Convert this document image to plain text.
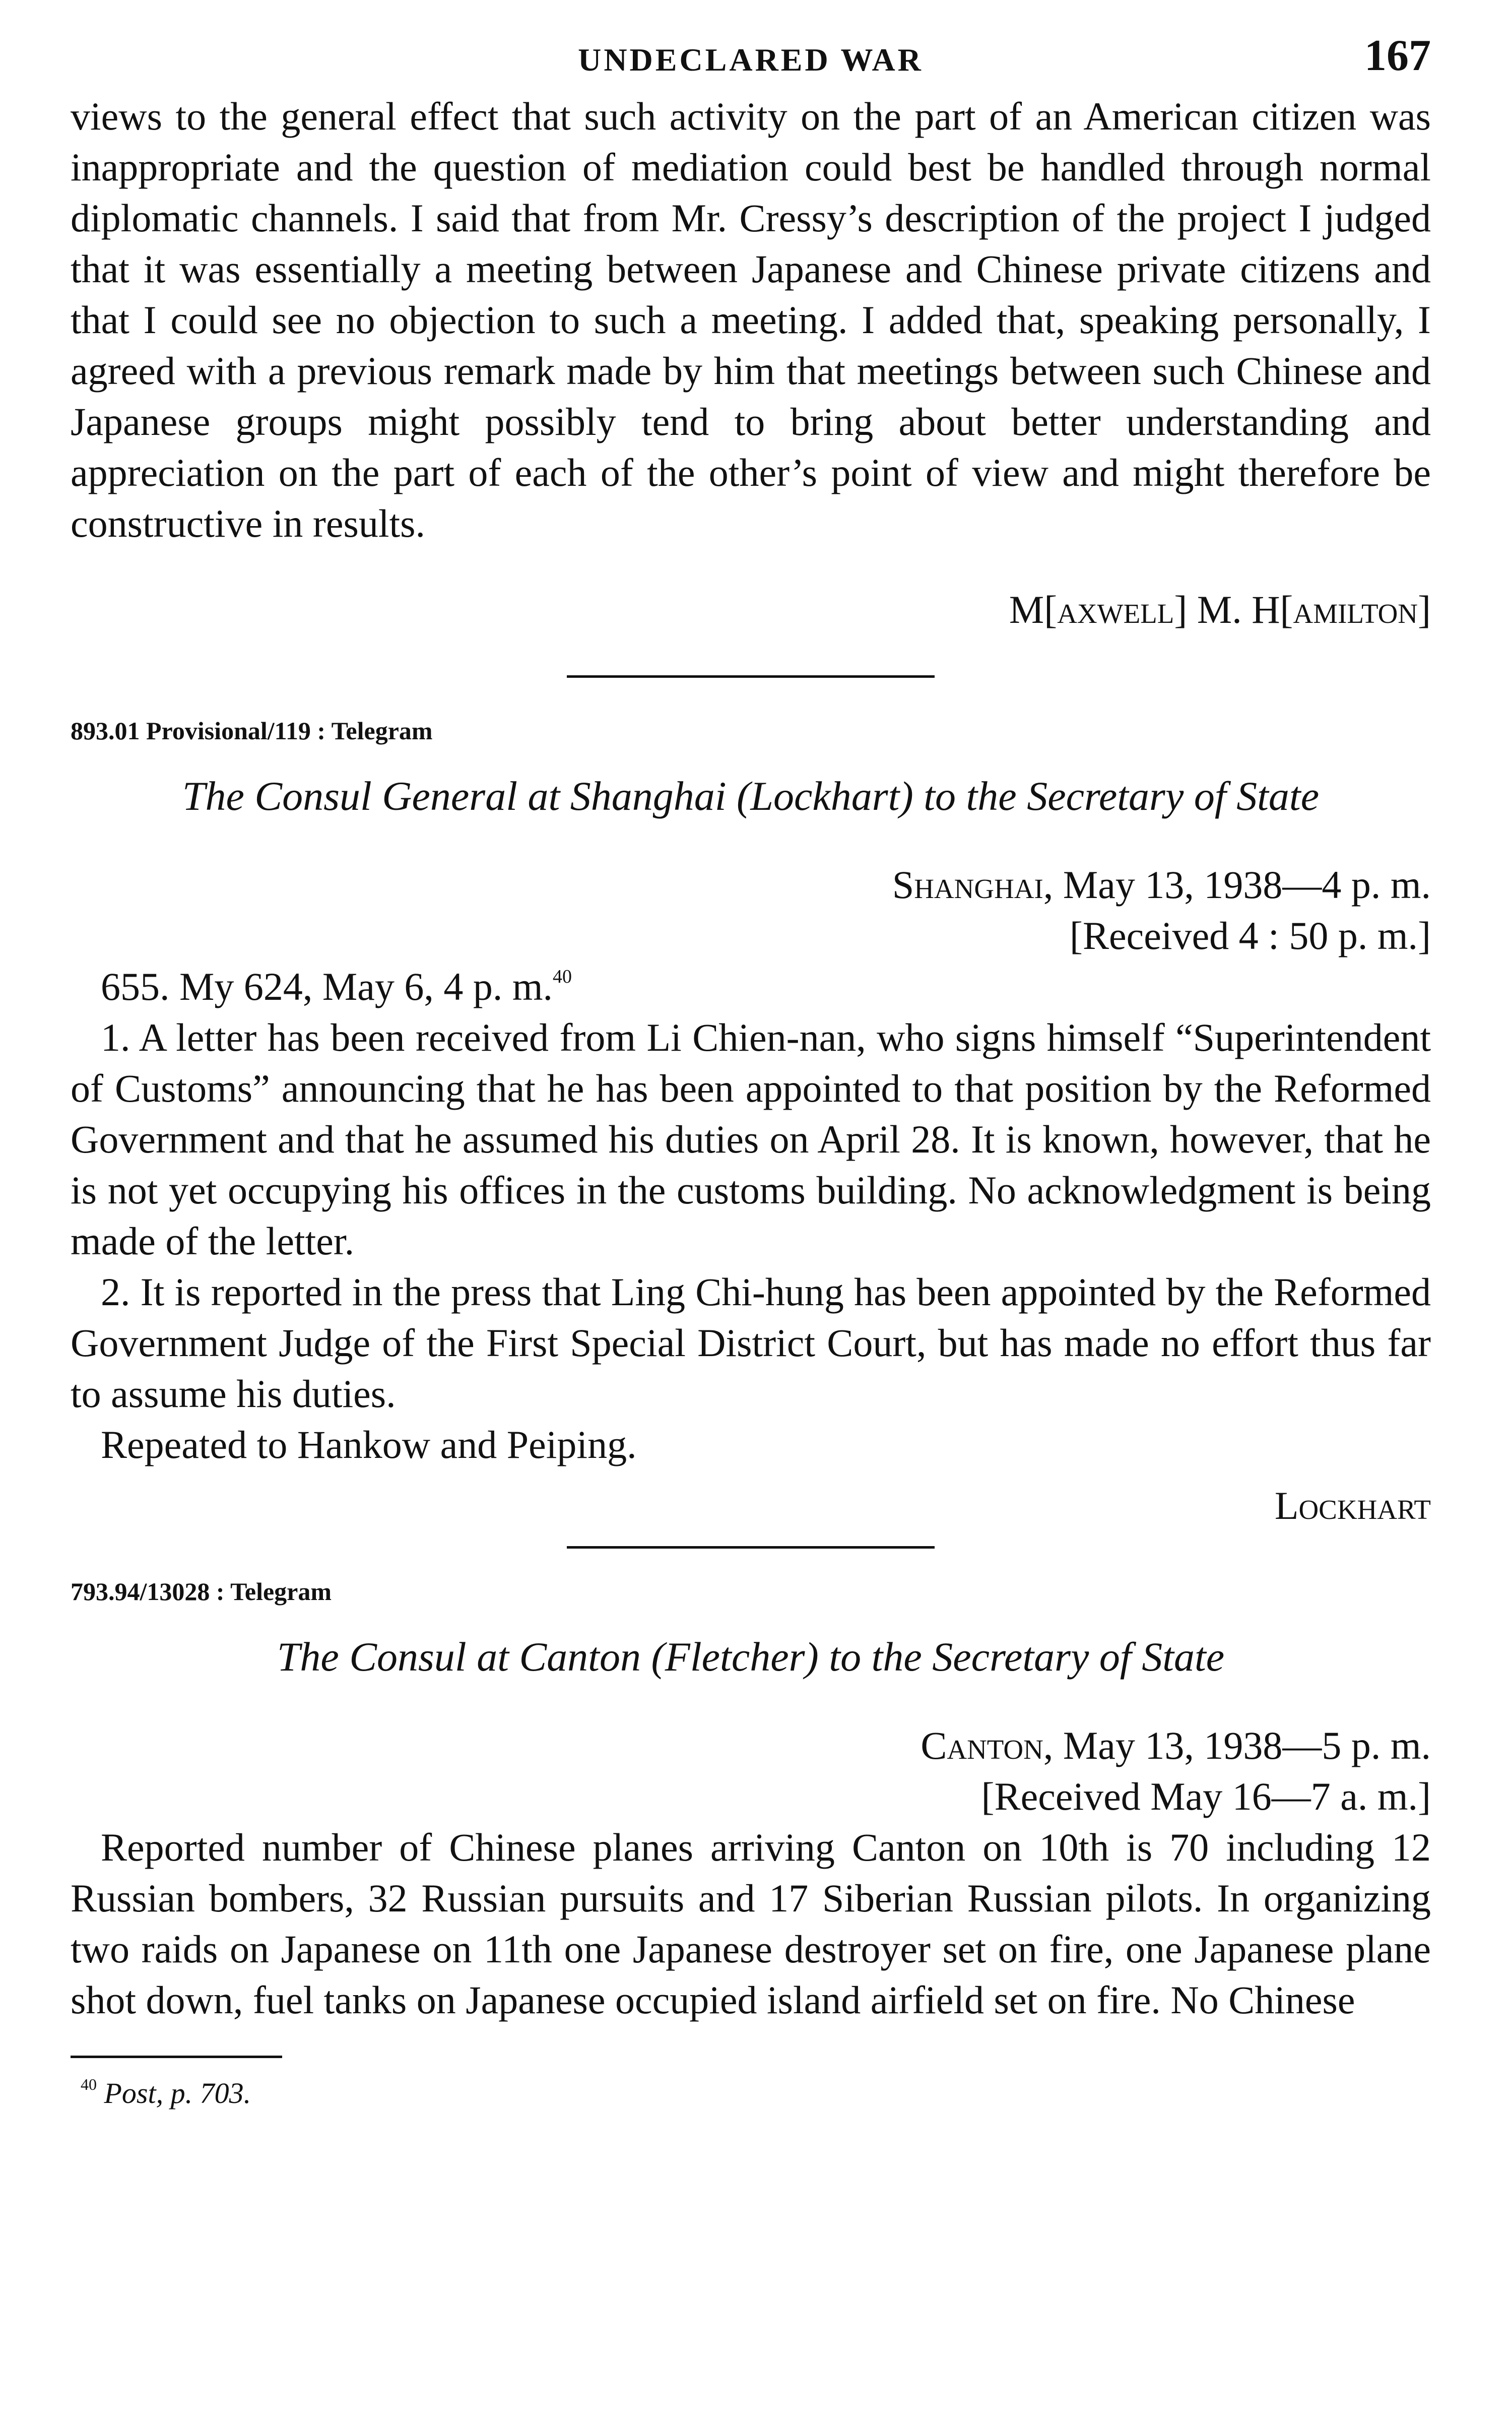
UNDECLARED WAR	167

views to the general effect that such activity on the part of an American citizen was inappropriate and the question of mediation could best be handled through normal diplomatic channels. I said that from Mr. Cressy’s description of the project I judged that it was essentially a meeting between Japanese and Chinese private citizens and that I could see no objection to such a meeting. I added that, speaking personally, I agreed with a previous remark made by him that meetings between such Chinese and Japanese groups might possibly tend to bring about better understanding and appreciation on the part of each of the other’s point of view and might therefore be constructive in results.

M[axwell] M. H[amilton]
893.01 Provisional/119 : Telegram
The Consul General at Shanghai (Lockhart) to the Secretary of State
Shanghai, May 13, 1938—4 p. m.
[Received 4 : 50 p. m.]

655. My 624, May 6, 4 p. m.$^{40}$

1. A letter has been received from Li Chien-nan, who signs himself “Superintendent of Customs” announcing that he has been appointed to that position by the Reformed Government and that he assumed his duties on April 28. It is known, however, that he is not yet occupying his offices in the customs building. No acknowledgment is being made of the letter.

2. It is reported in the press that Ling Chi-hung has been appointed by the Reformed Government Judge of the First Special District Court, but has made no effort thus far to assume his duties.

Repeated to Hankow and Peiping.

Lockhart
793.94/13028 : Telegram
The Consul at Canton (Fletcher) to the Secretary of State
Canton, May 13, 1938—5 p. m.
[Received May 16—7 a. m.]

Reported number of Chinese planes arriving Canton on 10th is 70 including 12 Russian bombers, 32 Russian pursuits and 17 Siberian Russian pilots. In organizing two raids on Japanese on 11th one Japanese destroyer set on fire, one Japanese plane shot down, fuel tanks on Japanese occupied island airfield set on fire. No Chinese

$^{40}$ Post, p. 703.
